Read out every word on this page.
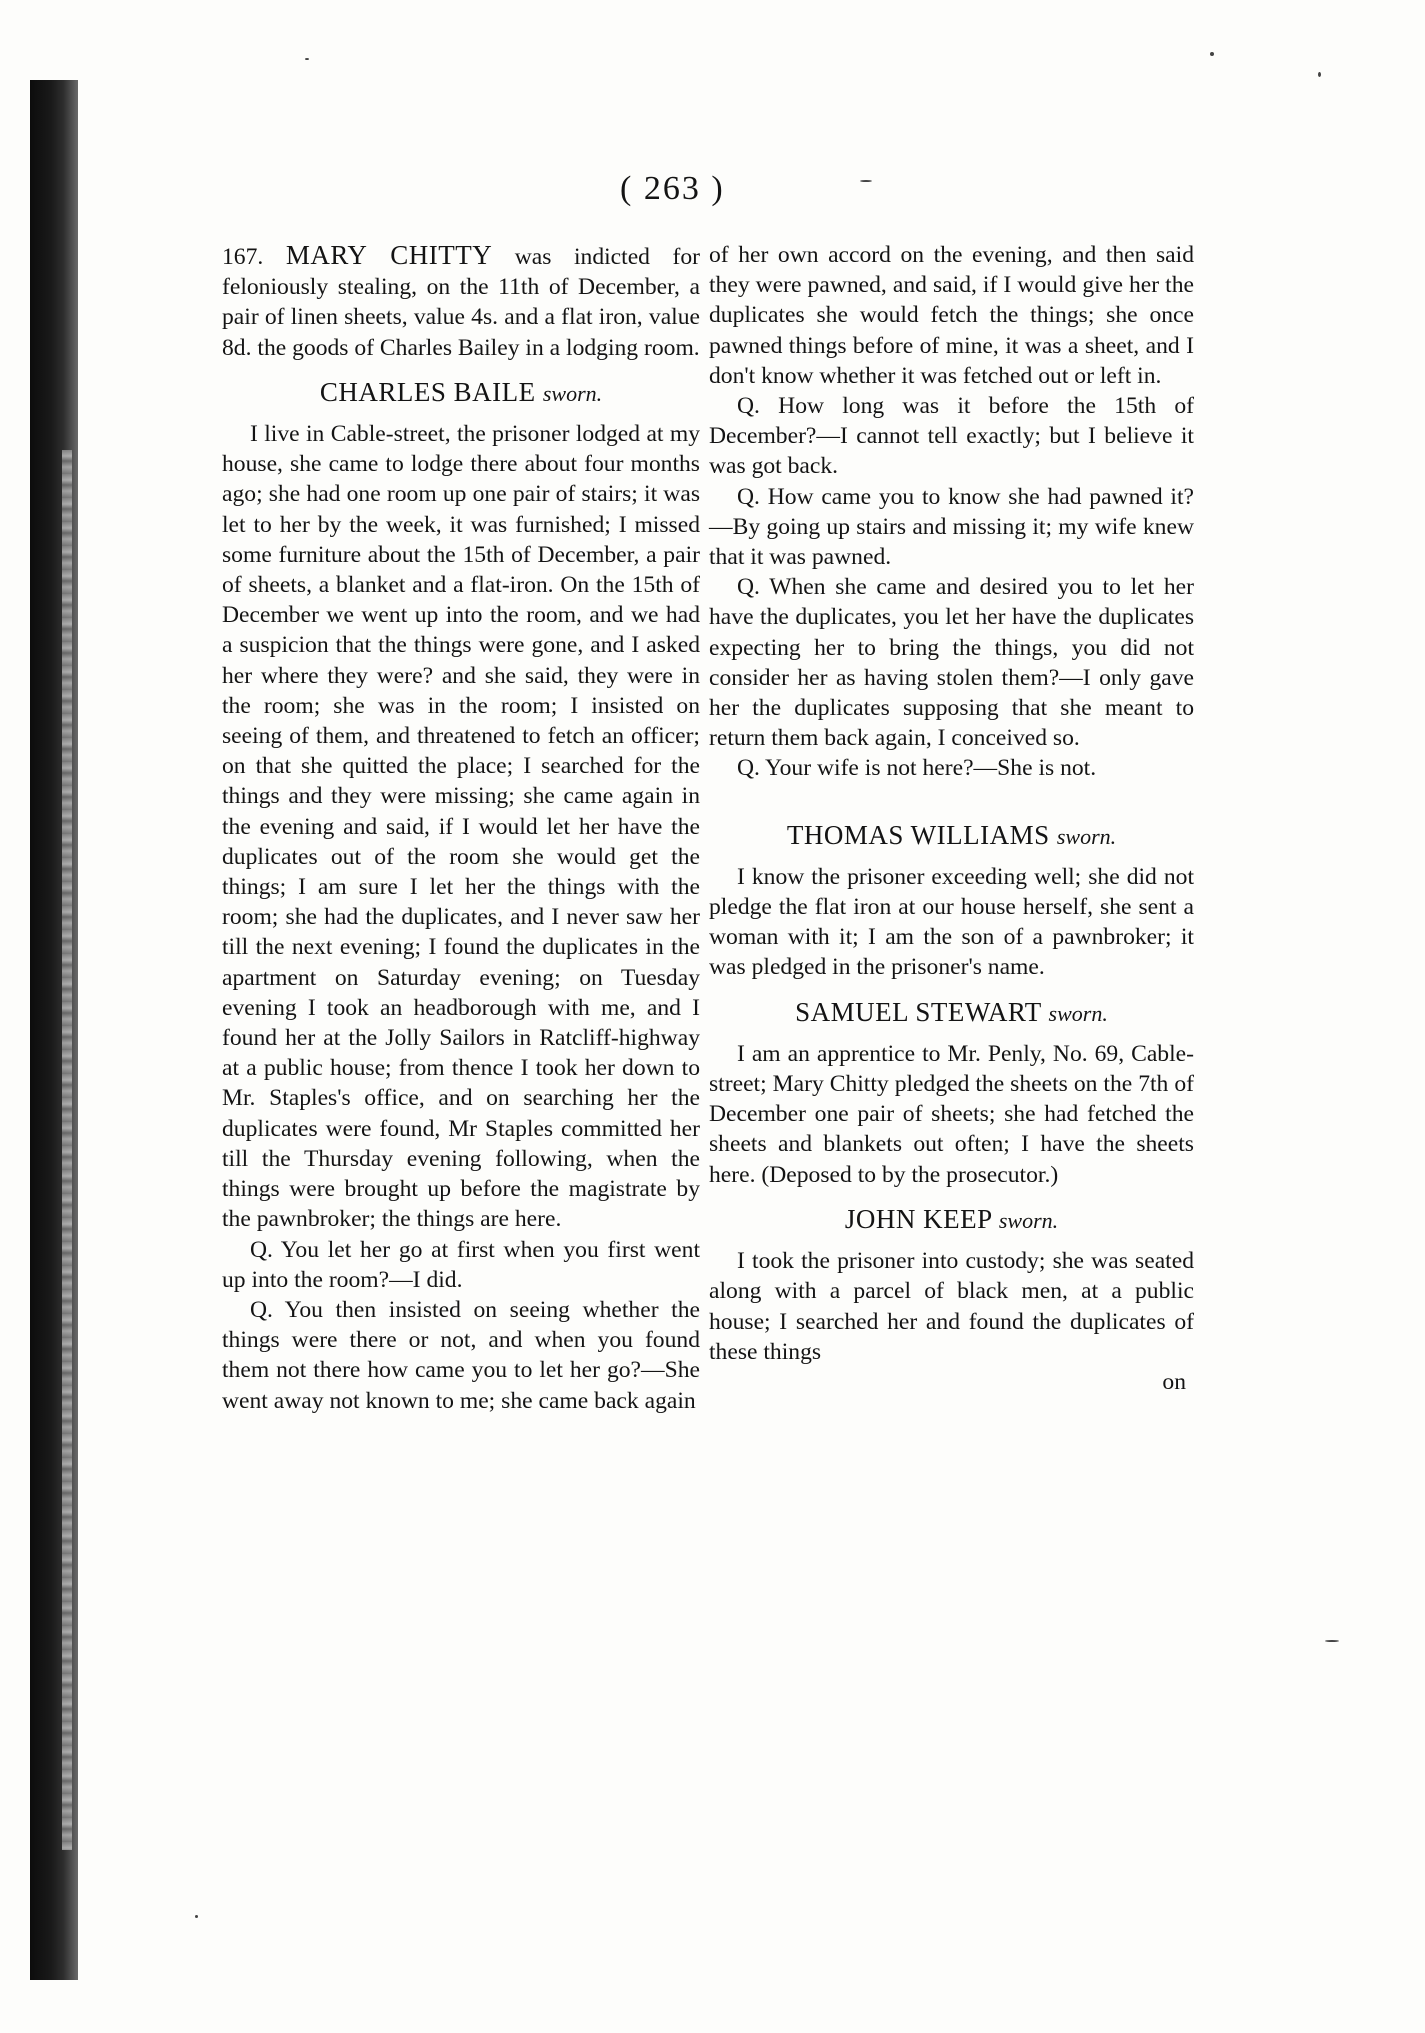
( 263 )

167. MARY CHITTY was indicted for feloniously stealing, on the 11th of December, a pair of linen sheets, value 4s. and a flat iron, value 8d. the goods of Charles Bailey in a lodging room.

CHARLES BAILE sworn.

I live in Cable-street, the prisoner lodged at my house, she came to lodge there about four months ago; she had one room up one pair of stairs; it was let to her by the week, it was furnished; I missed some furniture about the 15th of December, a pair of sheets, a blanket and a flat-iron. On the 15th of December we went up into the room, and we had a suspicion that the things were gone, and I asked her where they were? and she said, they were in the room; she was in the room; I insisted on seeing of them, and threatened to fetch an officer; on that she quitted the place; I searched for the things and they were missing; she came again in the evening and said, if I would let her have the duplicates out of the room she would get the things; I am sure I let her the things with the room; she had the duplicates, and I never saw her till the next evening; I found the duplicates in the apartment on Saturday evening; on Tuesday evening I took an headborough with me, and I found her at the Jolly Sailors in Ratcliff-highway at a public house; from thence I took her down to Mr. Staples's office, and on searching her the duplicates were found, Mr Staples committed her till the Thursday evening following, when the things were brought up before the magistrate by the pawnbroker; the things are here.

Q. You let her go at first when you first went up into the room?—I did.

Q. You then insisted on seeing whether the things were there or not, and when you found them not there how came you to let her go?—She went away not known to me; she came back again

of her own accord on the evening, and then said they were pawned, and said, if I would give her the duplicates she would fetch the things; she once pawned things before of mine, it was a sheet, and I don't know whether it was fetched out or left in.

Q. How long was it before the 15th of December?—I cannot tell exactly; but I believe it was got back.

Q. How came you to know she had pawned it?—By going up stairs and missing it; my wife knew that it was pawned.

Q. When she came and desired you to let her have the duplicates, you let her have the duplicates expecting her to bring the things, you did not consider her as having stolen them?—I only gave her the duplicates supposing that she meant to return them back again, I conceived so.

Q. Your wife is not here?—She is not.

THOMAS WILLIAMS sworn.

I know the prisoner exceeding well; she did not pledge the flat iron at our house herself, she sent a woman with it; I am the son of a pawnbroker; it was pledged in the prisoner's name.

SAMUEL STEWART sworn.

I am an apprentice to Mr. Penly, No. 69, Cable-street; Mary Chitty pledged the sheets on the 7th of December one pair of sheets; she had fetched the sheets and blankets out often; I have the sheets here. (Deposed to by the prosecutor.)

JOHN KEEP sworn.

I took the prisoner into custody; she was seated along with a parcel of black men, at a public house; I searched her and found the duplicates of these things

on
